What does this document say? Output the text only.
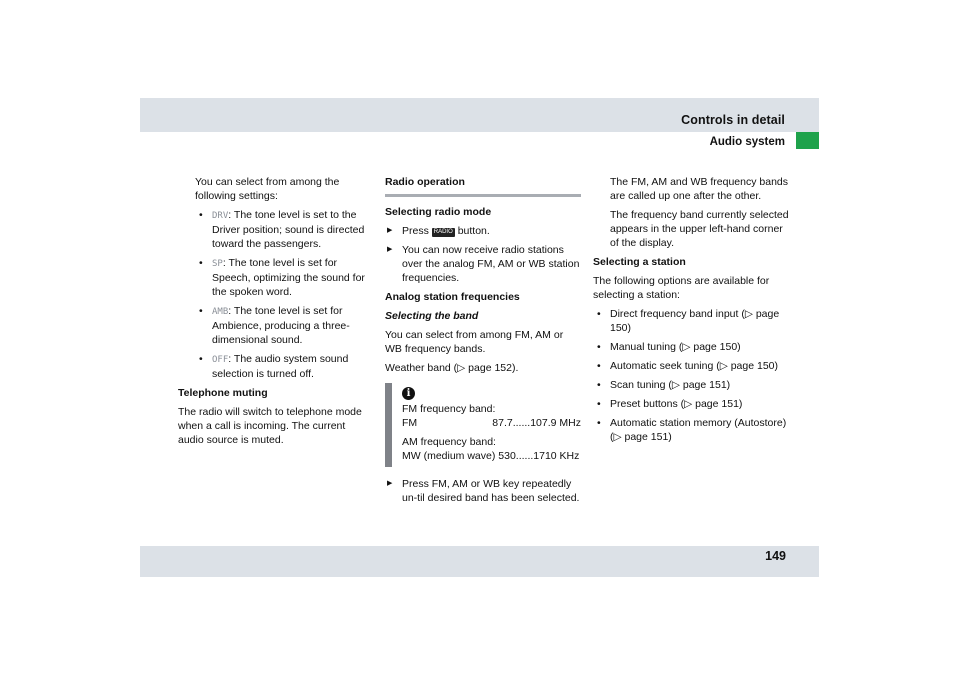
Controls in detail
Audio system

You can select from among the following settings:

• DRV: The tone level is set to the Driver position; sound is directed toward the passengers.
• SP: The tone level is set for Speech, optimizing the sound for the spoken word.
• AMB: The tone level is set for Ambience, producing a three-dimensional sound.
• OFF: The audio system sound selection is turned off.

Telephone muting

The radio will switch to telephone mode when a call is incoming. The current audio source is muted.

Radio operation

Selecting radio mode

▶ Press RADIO button.
▶ You can now receive radio stations over the analog FM, AM or WB station frequencies.

Analog station frequencies

Selecting the band

You can select from among FM, AM or WB frequency bands.

Weather band (▷ page 152).

i
FM frequency band:
FM	87.7......107.9 MHz
AM frequency band:
MW (medium wave) 530......1710 KHz
▶ Press FM, AM or WB key repeatedly un-til desired band has been selected.

The FM, AM and WB frequency bands are called up one after the other.

The frequency band currently selected appears in the upper left-hand corner of the display.

Selecting a station

The following options are available for selecting a station:

• Direct frequency band input (▷ page 150)
• Manual tuning (▷ page 150)
• Automatic seek tuning (▷ page 150)
• Scan tuning (▷ page 151)
• Preset buttons (▷ page 151)
• Automatic station memory (Autostore) (▷ page 151)
149
